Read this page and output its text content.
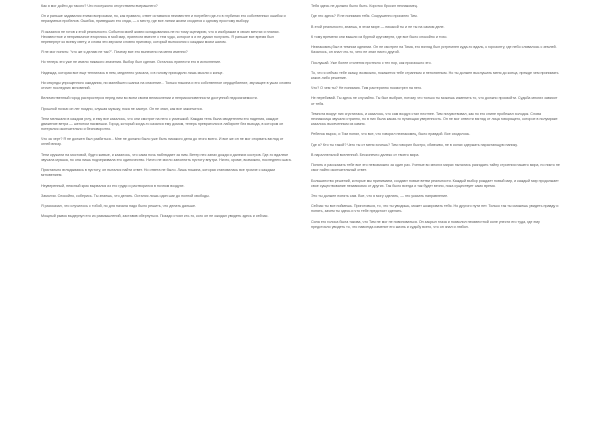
Как я мог дойти до такого? Что послужило отсутствием вчерашнего?

Он и раньше задавался этими вопросами, но, как правило, ответ оставался неизвестен и погребен где-то в глубинах его собственных ошибок и неразумных пробелов. Ошибок, приведших его сюда, — к месту, где все линии жизни сходятся к одному простому выбору.

Я оказался не готов к этой реальности. События моей жизни складывались не по тому сценарию, что я изображал в своих мечтах и планах. Неизвестное и непривычное вторглись в мой мир, принесли вместе с тем чудо, которое я и не думал получить. Я раньше все время был перевернут ко всему свету, и слова эти звучали словно приговор, который выносился с каждым моим шагом.

Я не мог понять: "что же я делаю не так?". Почему все это вынесено на меня именно?

Но теперь это уже не имело никакого значения. Выбор был сделан. Осталось принести его в исполнение.

Надежда, которая все еще теплилась в нем, медленно угасала, и в голову приходили лишь мысли о конце.

Ни секунды упрощенного ожидания, ни малейшего шанса на спасение... Только тишина и его собственное сердцебиение, звучащее в ушах словно отсчет последних мгновений.

Величественный город распростерся перед ним во всем своем великолепии и неприкосновенности доступной недосягаемости.

Прошлой ночью он лег поздно, слушая музыку, пока не заснул. Он не знал, как все закончится.

Тени мелькали в каждом углу, и ему все казалось, что они смотрят на него с усмешкой. Каждая тень была свидетелем его падения, каждое движение ветра — шепотом насмешки. Город, который когда-то казался ему домом, теперь превратился в лабиринт без выхода, в котором он потерялся окончательно и бесповоротно.

Что за черт? Я не должен был разбиться... Мне не должно было уже быть никакого дела до этого всего. И все же он не мог оторвать взгляд от огней внизу.

Тени кружили на мостовой, будто живые, и казалось, что сама ночь наблюдает за ним. Ветер нес запах дождя и далеких костров. Где-то вдалеке звучала музыка, но она лишь подчеркивала его одиночество. Ничто не могло заполнить пустоту внутри. Ничто, кроме, возможно, последнего шага.

Пристально вглядываясь в пустоту, он пытался найти ответ. Но ответа не было. Лишь тишина, которая становилась все громче с каждым мгновением.

Неуверенный, неясный крик вырвался из его груди и растворился в ночном воздухе.

Замолчи. Спокойно, соберись. Ты знаешь, что делать. Остался лишь один шаг до полной свободы.

Я рассказал, что случилось с тобой, но для начала надо было решить, что делать дальше.

Мощный рывок выдернул его из размышлений, заставив обернуться. Позади стоял кто-то, кого он не ожидал увидеть здесь и сейчас.

Тебя здесь не должно было быть. Коротко бросил незнакомец.

Где это здесь? Я не понимаю тебя. Сокрушенно произнес Тим.

В этой реальности, знаешь, в этом мире — никакой ты и не ты на самом деле.

К тому времени они вышли из бурной круговерти, где все было спокойно и тихо.

Незнакомец был в темном одеянии. Он не смотрел на Тима, его взгляд был устремлен куда-то вдаль, к горизонту, где небо сливалось с землей. Казалось, он знал что-то, чего не знал никто другой.

Послушай. Уже более столетия протекло с тех пор, как произошло это.

То, что я сейчас тебе скажу, возможно, покажется тебе странным и непонятным. Но ты должен выслушать меня до конца, прежде чем принимать какое-либо решение.

Что? О чем ты? Не понимаю. Тим растерянно посмотрел на него.

Не перебивай. Ты здесь не случайно. Ты был выбран, потому что только ты можешь изменить то, что должно произойти. Судьба многих зависит от тебя.

Темнота вокруг них сгустилась, и казалось, что сам воздух стал плотнее. Тим почувствовал, как по его спине пробежал холодок. Слова незнакомца звучали странно, но в них была какая-то пугающая уверенность. Он не мог отвести взгляд от лица говорящего, которое в полумраке казалось высеченным из камня.

Ребенок вырос, и Тим понял, что все, что говорил незнакомец, было правдой. Все сходилось.

Где я? Кто ты такой? Чего ты от меня хочешь? Тим говорил быстро, сбивчиво, не в силах сдержать нарастающую панику.

В параллельной вселенной. Бесконечно далеко от твоего мира.

Понять и рассказать тебе все это невозможно за один раз. Ученые во многих мирах пытались разгадать тайну строения нашего мира, но никто не смог найти окончательный ответ.

Большинство решений, которые мы принимаем, создают новые ветви реальности. Каждый выбор рождает новый мир, и каждый мир продолжает свое существование независимо от других. Так было всегда и так будет вечно, пока существует само время.

Это ты должен понять сам. Все, что я могу сделать, — это указать направление.

Сейчас ты все поймешь. Приготовься, то, что ты увидишь, может шокировать тебя. Но другого пути нет. Только так ты сможешь увидеть правду и понять, зачем ты здесь и что тебе предстоит сделать.

Сила его голоса была такова, что Тим не мог не повиноваться. Он закрыл глаза и позволил неизвестной силе унести его туда, где ему предстояло увидеть то, что навсегда изменит его жизнь и судьбу всего, что он знал и любил.
